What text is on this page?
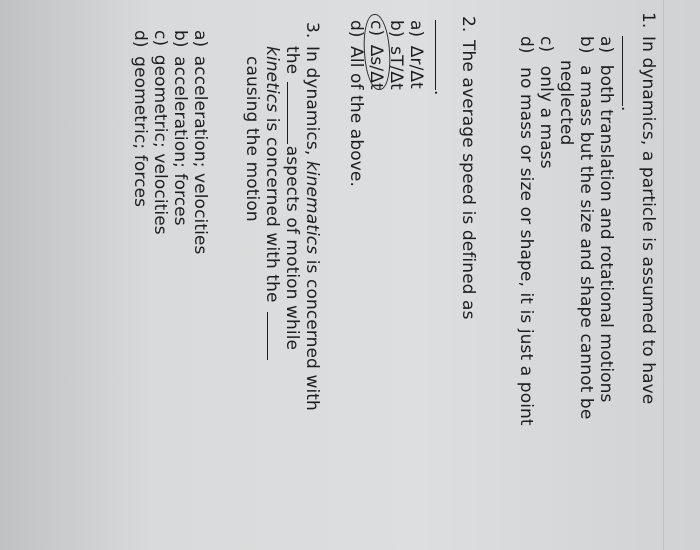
1.
In dynamics, a particle is assumed to have
.
a) both translation and rotational motions
b) a mass but the size and shape cannot be
neglected
c) only a mass
d) no mass or size or shape, it is just a point
2.
The average speed is defined as
.
a) Δr/Δt
b) sT/Δt
c) Δs/Δt
d) All of the above.
3.
In dynamics, kinematics is concerned with
the aspects of motion while
kinetics is concerned with the
causing the motion
a) acceleration; velocities
b) acceleration; forces
c) geometric; velocities
d) geometric; forces
